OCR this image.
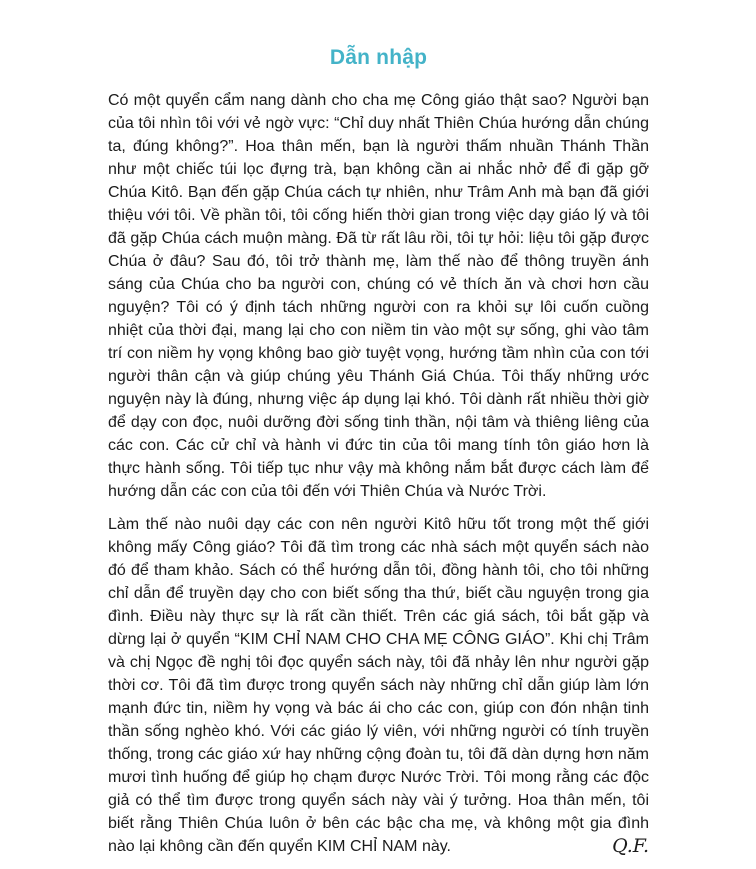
Dẫn nhập

Có một quyển cẩm nang dành cho cha mẹ Công giáo thật sao? Người bạn của tôi nhìn tôi với vẻ ngờ vực: “Chỉ duy nhất Thiên Chúa hướng dẫn chúng ta, đúng không?”. Hoa thân mến, bạn là người thấm nhuần Thánh Thần như một chiếc túi lọc đựng trà, bạn không cần ai nhắc nhở để đi gặp gỡ Chúa Kitô. Bạn đến gặp Chúa cách tự nhiên, như Trâm Anh mà bạn đã giới thiệu với tôi. Về phần tôi, tôi cống hiến thời gian trong việc dạy giáo lý và tôi đã gặp Chúa cách muộn màng. Đã từ rất lâu rồi, tôi tự hỏi: liệu tôi gặp được Chúa ở đâu? Sau đó, tôi trở thành mẹ, làm thế nào để thông truyền ánh sáng của Chúa cho ba người con, chúng có vẻ thích ăn và chơi hơn cầu nguyện? Tôi có ý định tách những người con ra khỏi sự lôi cuốn cuồng nhiệt của thời đại, mang lại cho con niềm tin vào một sự sống, ghi vào tâm trí con niềm hy vọng không bao giờ tuyệt vọng, hướng tầm nhìn của con tới người thân cận và giúp chúng yêu Thánh Giá Chúa. Tôi thấy những ước nguyện này là đúng, nhưng việc áp dụng lại khó. Tôi dành rất nhiều thời giờ để dạy con đọc, nuôi dưỡng đời sống tinh thần, nội tâm và thiêng liêng của các con. Các cử chỉ và hành vi đức tin của tôi mang tính tôn giáo hơn là thực hành sống. Tôi tiếp tục như vậy mà không nắm bắt được cách làm để hướng dẫn các con của tôi đến với Thiên Chúa và Nước Trời.

Làm thế nào nuôi dạy các con nên người Kitô hữu tốt trong một thế giới không mấy Công giáo? Tôi đã tìm trong các nhà sách một quyển sách nào đó để tham khảo. Sách có thể hướng dẫn tôi, đồng hành tôi, cho tôi những chỉ dẫn để truyền dạy cho con biết sống tha thứ, biết cầu nguyện trong gia đình. Điều này thực sự là rất cần thiết. Trên các giá sách, tôi bắt gặp và dừng lại ở quyển “KIM CHỈ NAM CHO CHA MẸ CÔNG GIÁO”. Khi chị Trâm và chị Ngọc đề nghị tôi đọc quyển sách này, tôi đã nhảy lên như người gặp thời cơ. Tôi đã tìm được trong quyển sách này những chỉ dẫn giúp làm lớn mạnh đức tin, niềm hy vọng và bác ái cho các con, giúp con đón nhận tinh thần sống nghèo khó. Với các giáo lý viên, với những người có tính truyền thống, trong các giáo xứ hay những cộng đoàn tu, tôi đã dàn dựng hơn năm mươi tình huống để giúp họ chạm được Nước Trời. Tôi mong rằng các độc giả có thể tìm được trong quyển sách này vài ý tưởng. Hoa thân mến, tôi biết rằng Thiên Chúa luôn ở bên các bậc cha mẹ, và không một gia đình nào lại không cần đến quyển KIM CHỈ NAM này.	Q.F.
